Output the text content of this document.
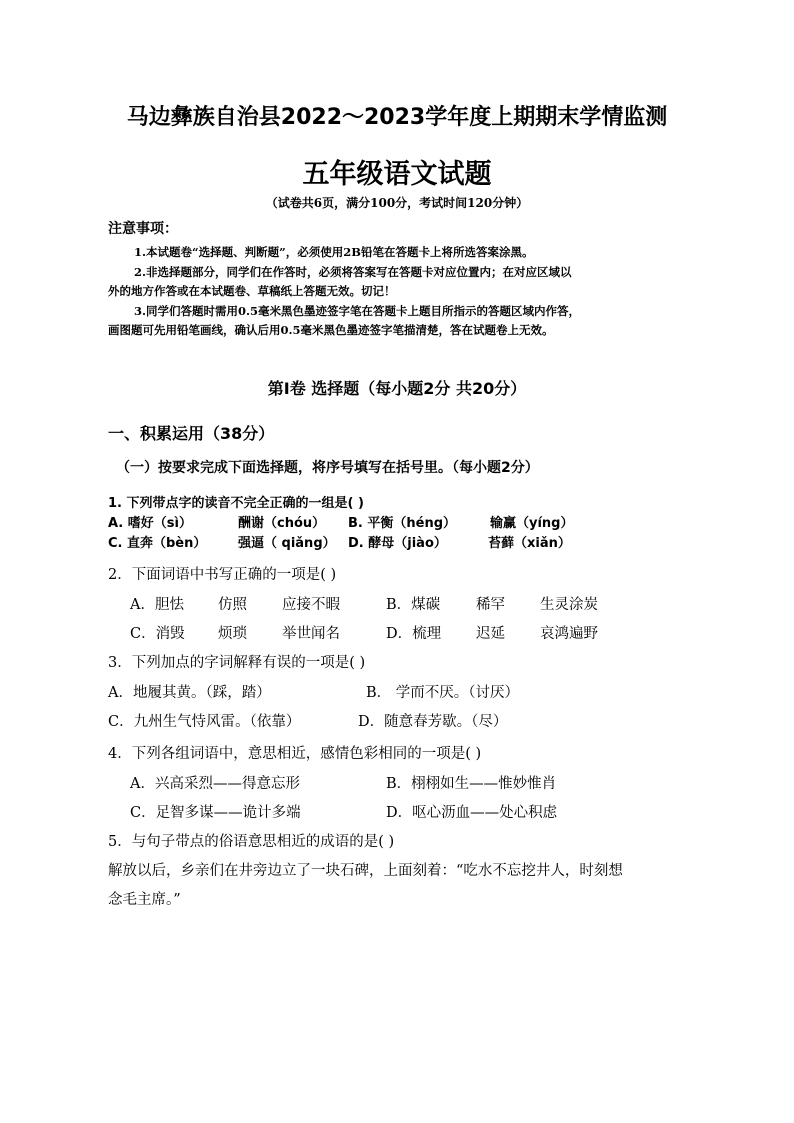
马边彝族自治县2022～2023学年度上期期末学情监测
五年级语文试题
（试卷共6页，满分100分，考试时间120分钟）
注意事项：
1.本试题卷“选择题、判断题”，必须使用2B铅笔在答题卡上将所选答案涂黑。
2.非选择题部分，同学们在作答时，必须将答案写在答题卡对应位置内；在对应区域以
外的地方作答或在本试题卷、草稿纸上答题无效。切记！
3.同学们答题时需用0.5毫米黑色墨迹签字笔在答题卡上题目所指示的答题区域内作答，
画图题可先用铅笔画线，确认后用0.5毫米黑色墨迹签字笔描清楚，答在试题卷上无效。
第Ⅰ卷 选择题（每小题2分 共20分）
一、积累运用（38分）
（一）按要求完成下面选择题，将序号填写在括号里。（每小题2分）
1. 下列带点字的读音不完全正确的一组是( )
A. 嗜好（sì）	酬谢（chóu） B. 平衡（héng）	输赢（yíng）
C. 直奔（bèn） 强逼（ qiǎng） D. 酵母（jiào）	苔藓（xiǎn）
2．下面词语中书写正确的一项是( )
A．胆怯 仿照 应接不暇	B．煤碳 稀罕 生灵涂炭
C．消毁 烦琐 举世闻名	D．梳理 迟延 哀鸿遍野
3．下列加点的字词解释有误的一项是( )
A．地履其黄。（踩，踏）	B． 学而不厌。（讨厌）
C．九州生气恃风雷。（依靠）	D．随意春芳歇。（尽）
4．下列各组词语中，意思相近，感情色彩相同的一项是( )
A．兴高采烈——得意忘形	B．栩栩如生——惟妙惟肖
C．足智多谋——诡计多端	D．呕心沥血——处心积虑
5．与句子带点的俗语意思相近的成语的是( )
解放以后，乡亲们在井旁边立了一块石碑，上面刻着：“吃水不忘挖井人，时刻想
念毛主席。”
